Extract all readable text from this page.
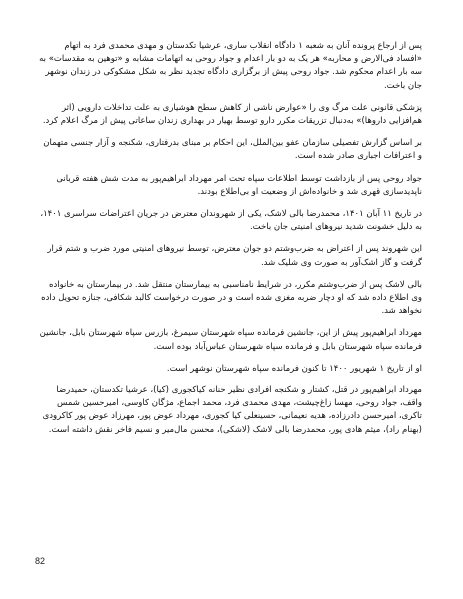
پس از ارجاع پرونده آنان به شعبه ۱ دادگاه انقلاب ساری، عرشیا تکدستان و مهدی محمدی فرد به اتهام «افساد فی‌الارض و محاربه» هر یک به دو بار اعدام و جواد روحی به اتهامات مشابه و «توهین به مقدسات» به سه بار اعدام محکوم شد. جواد روحی پیش از برگزاری دادگاه تجدید نظر به شکل مشکوکی در زندان نوشهر جان باخت.

پزشکی قانونی علت مرگ وی را «عوارض ناشی از کاهش سطح هوشیاری به علت تداخلات دارویی (اثر هم‌افزایی داروها)» به‌دنبال تزریقات مکرر دارو توسط بهیار در بهداری زندان ساعاتی پیش از مرگ اعلام کرد.

بر اساس گزارش تفصیلی سازمان عفو بین‌الملل، این احکام بر مبنای بدرفتاری، شکنجه و آزار جنسی متهمان و اعترافات اجباری صادر شده است.

جواد روحی پس از بازداشت توسط اطلاعات سپاه تحت امر مهرداد ابراهیم‌پور به مدت شش هفته قربانی ناپدیدسازی قهری شد و خانواده‌اش از وضعیت او بی‌اطلاع بودند.

در تاریخ ۱۱ آبان ۱۴۰۱، محمدرضا بالی لاشک، یکی از شهروندان معترض در جریان اعتراضات سراسری ۱۴۰۱، به دلیل خشونت شدید نیروهای امنیتی جان باخت.

این شهروند پس از اعتراض به ضرب‌وشتم دو جوان معترض، توسط نیروهای امنیتی مورد ضرب و شتم قرار گرفت و گاز اشک‌آور به صورت وی شلیک شد.

بالی لاشک پس از ضرب‌وشتم مکرر، در شرایط نامناسبی به بیمارستان منتقل شد. در بیمارستان به خانواده وی اطلاع داده شد که او دچار ضربه مغزی شده است و در صورت درخواست کالبد شکافی، جنازه تحویل داده نخواهد شد.

مهرداد ابراهیم‌پور پیش از این، جانشین فرمانده سپاه شهرستان سیمرغ، بازرس سپاه شهرستان بابل، جانشین فرمانده سپاه شهرستان بابل و فرمانده سپاه شهرستان عباس‌آباد بوده است.

او از تاریخ ۱ شهریور ۱۴۰۰ تا کنون فرمانده سپاه شهرستان نوشهر است.

مهرداد ابراهیم‌پور در قتل، کشتار و شکنجه افرادی نظیر حنانه کیاکجوری (کیا)، عرشیا تکدستان، حمیدرضا واقف، جواد روحی، مهسا زاغ‌چیشت، مهدی محمدی فرد، محمد اجماع، مژگان کاوسی، امیرحسین شمس تاکری، امیرحسن دادرزاده، هدیه نعیمانی، حسینعلی کیا کجوری، مهرداد عوض پور، مهرزاد عوض پور کاکرودی (بهنام راد)، میثم هادی پور، محمدرضا بالی لاشک (لاشکی)، محسن مال‌میر و نسیم فاخر نقش داشته است.

82
